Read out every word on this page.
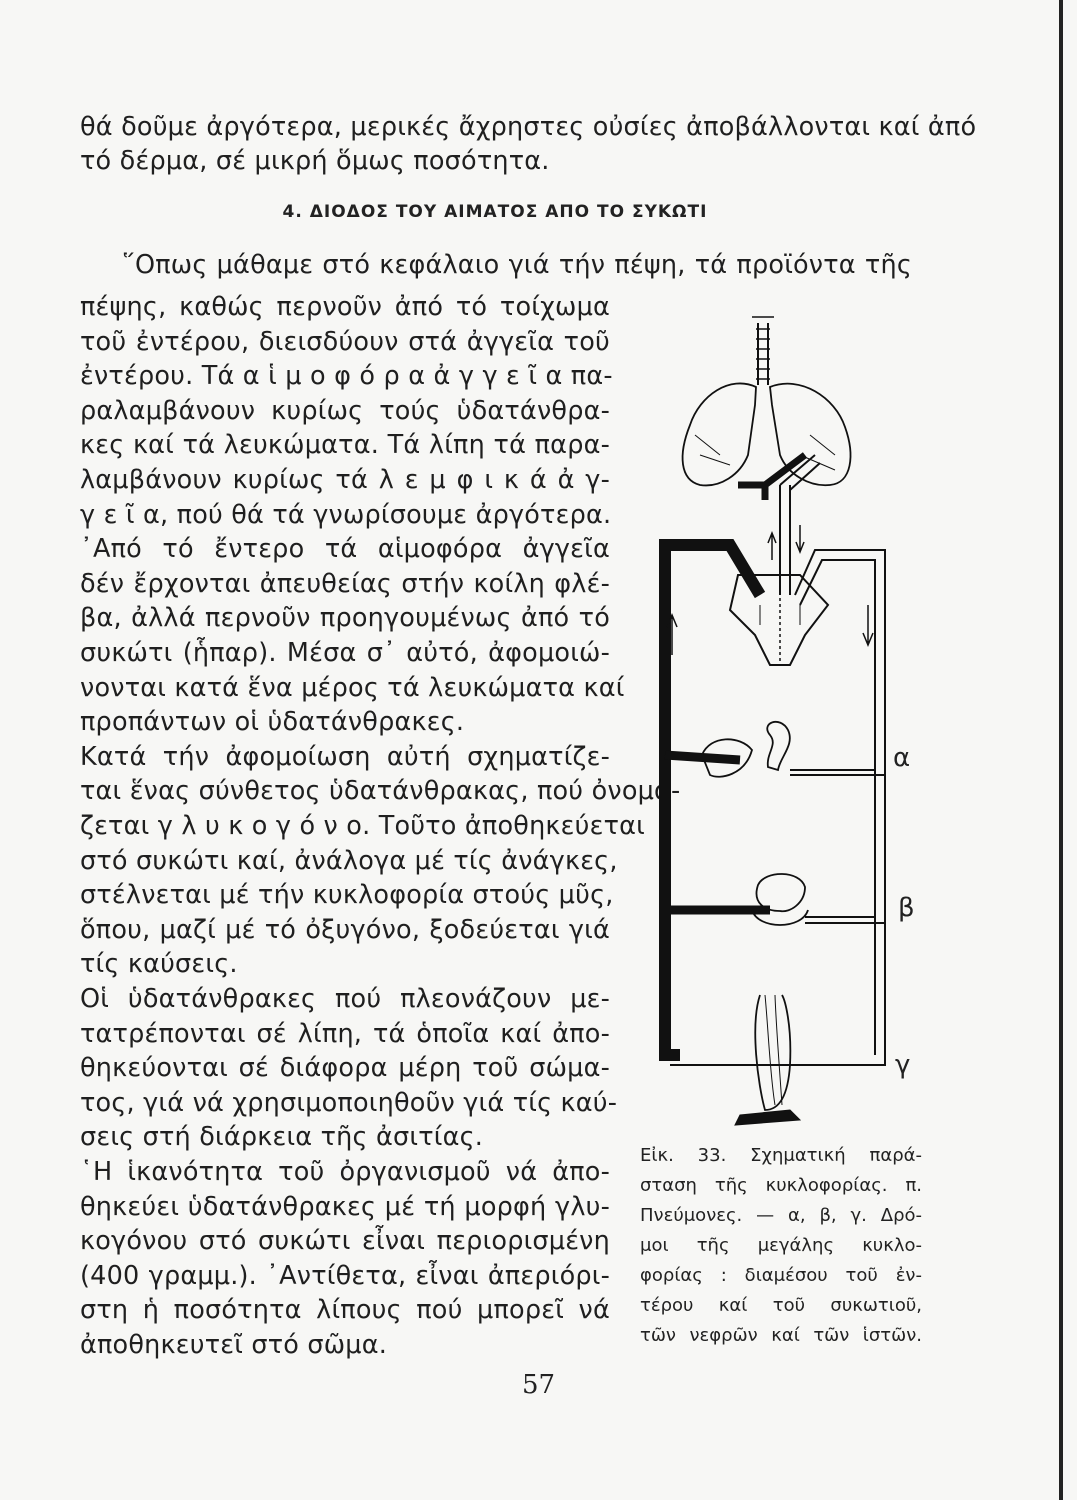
θά δοῦμε ἀργότερα, μερικές ἄχρηστες οὐσίες ἀποβάλλονται καί ἀπό
τό δέρμα, σέ μικρή ὅμως ποσότητα.
4. ΔΙΟΔΟΣ ΤΟΥ ΑΙΜΑΤΟΣ ΑΠΟ ΤΟ ΣΥΚΩΤΙ
῞Οπως μάθαμε στό κεφάλαιο γιά τήν πέψη, τά προϊόντα τῆς
πέψης, καθώς περνοῦν ἀπό τό τοίχωμα
τοῦ ἐντέρου, διεισδύουν στά ἀγγεῖα τοῦ
ἐντέρου. Τά α ἱ μ ο φ ό ρ α ἀ γ γ ε ῖ α πα-
ραλαμβάνουν κυρίως τούς ὑδατάνθρα-
κες καί τά λευκώματα. Τά λίπη τά παρα-
λαμβάνουν κυρίως τά λ ε μ φ ι κ ά ἀ γ-
γ ε ῖ α, πού θά τά γνωρίσουμε ἀργότερα.
᾿Από τό ἔντερο τά αἱμοφόρα ἀγγεῖα
δέν ἔρχονται ἀπευθείας στήν κοίλη φλέ-
βα, ἀλλά περνοῦν προηγουμένως ἀπό τό
συκώτι (ἧπαρ). Μέσα σ᾿ αὐτό, ἀφομοιώ-
νονται κατά ἕνα μέρος τά λευκώματα καί
προπάντων οἱ ὑδατάνθρακες.
Κατά τήν ἀφομοίωση αὐτή σχηματίζε-
ται ἕνας σύνθετος ὑδατάνθρακας, πού ὀνομά-
ζεται γ λ υ κ ο γ ό ν ο. Τοῦτο ἀποθηκεύεται
στό συκώτι καί, ἀνάλογα μέ τίς ἀνάγκες,
στέλνεται μέ τήν κυκλοφορία στούς μῦς,
ὅπου, μαζί μέ τό ὀξυγόνο, ξοδεύεται γιά
τίς καύσεις.
Οἱ ὑδατάνθρακες πού πλεονάζουν με-
τατρέπονται σέ λίπη, τά ὁποῖα καί ἀπο-
θηκεύονται σέ διάφορα μέρη τοῦ σώμα-
τος, γιά νά χρησιμοποιηθοῦν γιά τίς καύ-
σεις στή διάρκεια τῆς ἀσιτίας.
῾Η ἱκανότητα τοῦ ὀργανισμοῦ νά ἀπο-
θηκεύει ὑδατάνθρακες μέ τή μορφή γλυ-
κογόνου στό συκώτι εἶναι περιορισμένη
(400 γραμμ.). ᾿Αντίθετα, εἶναι ἀπεριόρι-
στη ἡ ποσότητα λίπους πού μπορεῖ νά
ἀποθηκευτεῖ στό σῶμα.
α
β
γ
Εἰκ. 33. Σχηματική παρά-
σταση τῆς κυκλοφορίας. π.
Πνεύμονες. — α, β, γ. Δρό-
μοι τῆς μεγάλης κυκλο-
φορίας : διαμέσου τοῦ ἐν-
τέρου καί τοῦ συκωτιοῦ,
τῶν νεφρῶν καί τῶν ἱστῶν.
57
